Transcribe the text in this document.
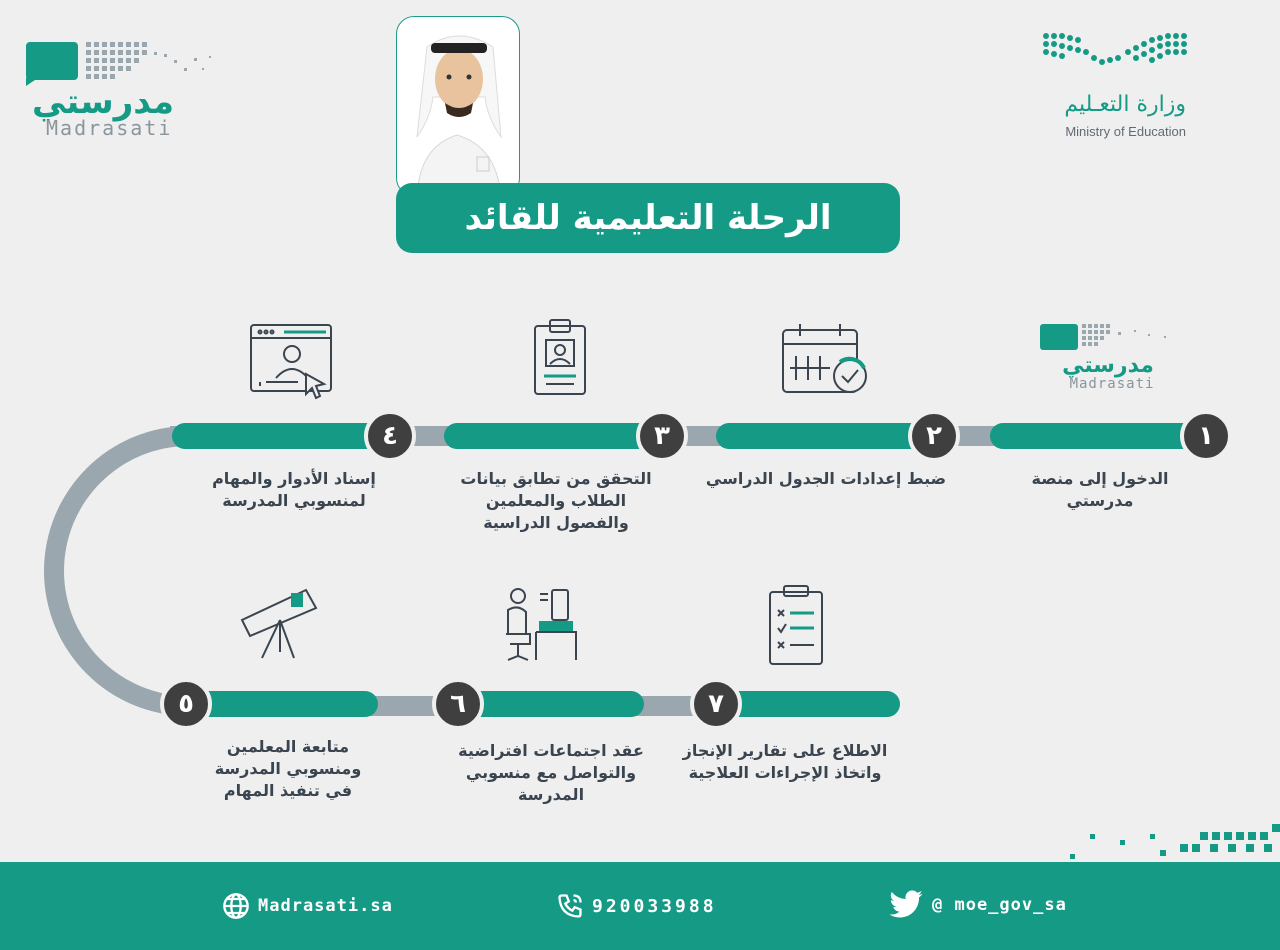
مدرستي
Madrasati
وزارة التعـليم
Ministry of Education
الرحلة التعليمية للقائد
١
٢
٣
٤
٥	٦	٧
مدرستي
Madrasati
الدخول إلى منصة
مدرستي
ضبط إعدادات الجدول الدراسي
التحقق من تطابق بيانات
الطلاب والمعلمين
والفصول الدراسية
إسناد الأدوار والمهام
لمنسوبي المدرسة
متابعة المعلمين
ومنسوبي المدرسة
في تنفيذ المهام
عقد اجتماعات افتراضية
والتواصل مع منسوبي
المدرسة
الاطلاع على تقارير الإنجاز
واتخاذ الإجراءات العلاجية
@ moe_gov_sa
920033988
Madrasati.sa
